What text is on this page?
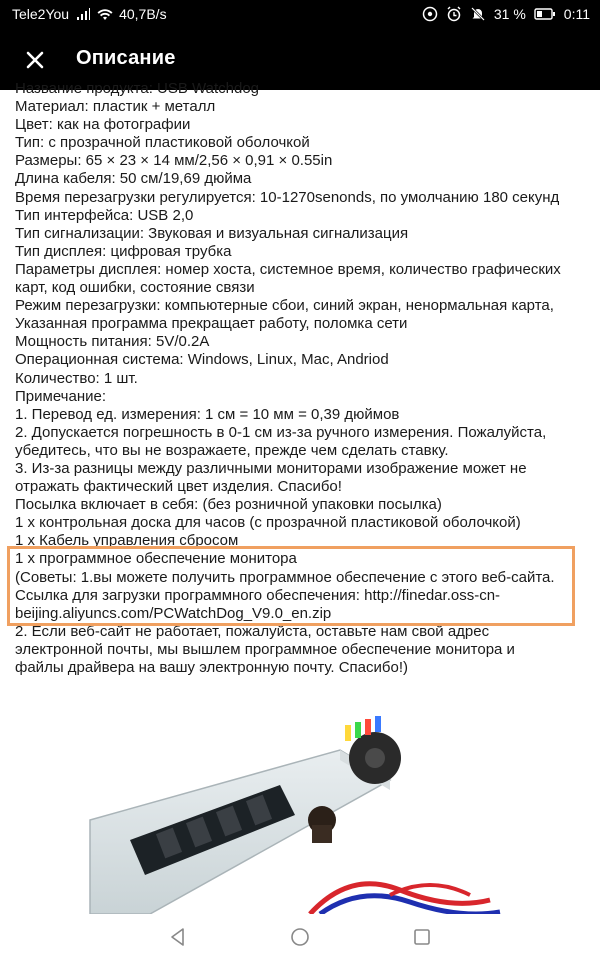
Tele2You	40,7B/s	31 %	0:11
Описание
Название продукта: USB Watchdog
Материал: пластик + металл
Цвет: как на фотографии
Тип: с прозрачной пластиковой оболочкой
Размеры: 65 × 23 × 14 мм/2,56 × 0,91 × 0.55in
Длина кабеля: 50 см/19,69 дюйма
Время перезагрузки регулируется: 10-1270senonds, по умолчанию 180 секунд
Тип интерфейса: USB 2,0
Тип сигнализации: Звуковая и визуальная сигнализация
Тип дисплея: цифровая трубка
Параметры дисплея: номер хоста, системное время, количество графических
карт, код ошибки, состояние связи
Режим перезагрузки: компьютерные сбои, синий экран, ненормальная карта,
Указанная программа прекращает работу, поломка сети
Мощность питания: 5V/0.2A
Операционная система: Windows, Linux, Mac, Andriod
Количество: 1 шт.
Примечание:
1. Перевод ед. измерения: 1 см = 10 мм = 0,39 дюймов
2. Допускается погрешность в 0-1 см из-за ручного измерения. Пожалуйста,
убедитесь, что вы не возражаете, прежде чем сделать ставку.
3. Из-за разницы между различными мониторами изображение может не
отражать фактический цвет изделия. Спасибо!
Посылка включает в себя: (без розничной упаковки посылка)
1 x контрольная доска для часов (с прозрачной пластиковой оболочкой)
1 x Кабель управления сбросом
1 x программное обеспечение монитора
(Советы: 1.вы можете получить программное обеспечение с этого веб-сайта.
Ссылка для загрузки программного обеспечения: http://finedar.oss-cn-
beijing.aliyuncs.com/PCWatchDog_V9.0_en.zip
2. Если веб-сайт не работает, пожалуйста, оставьте нам свой адрес
электронной почты, мы вышлем программное обеспечение монитора и
файлы драйвера на вашу электронную почту. Спасибо!)
